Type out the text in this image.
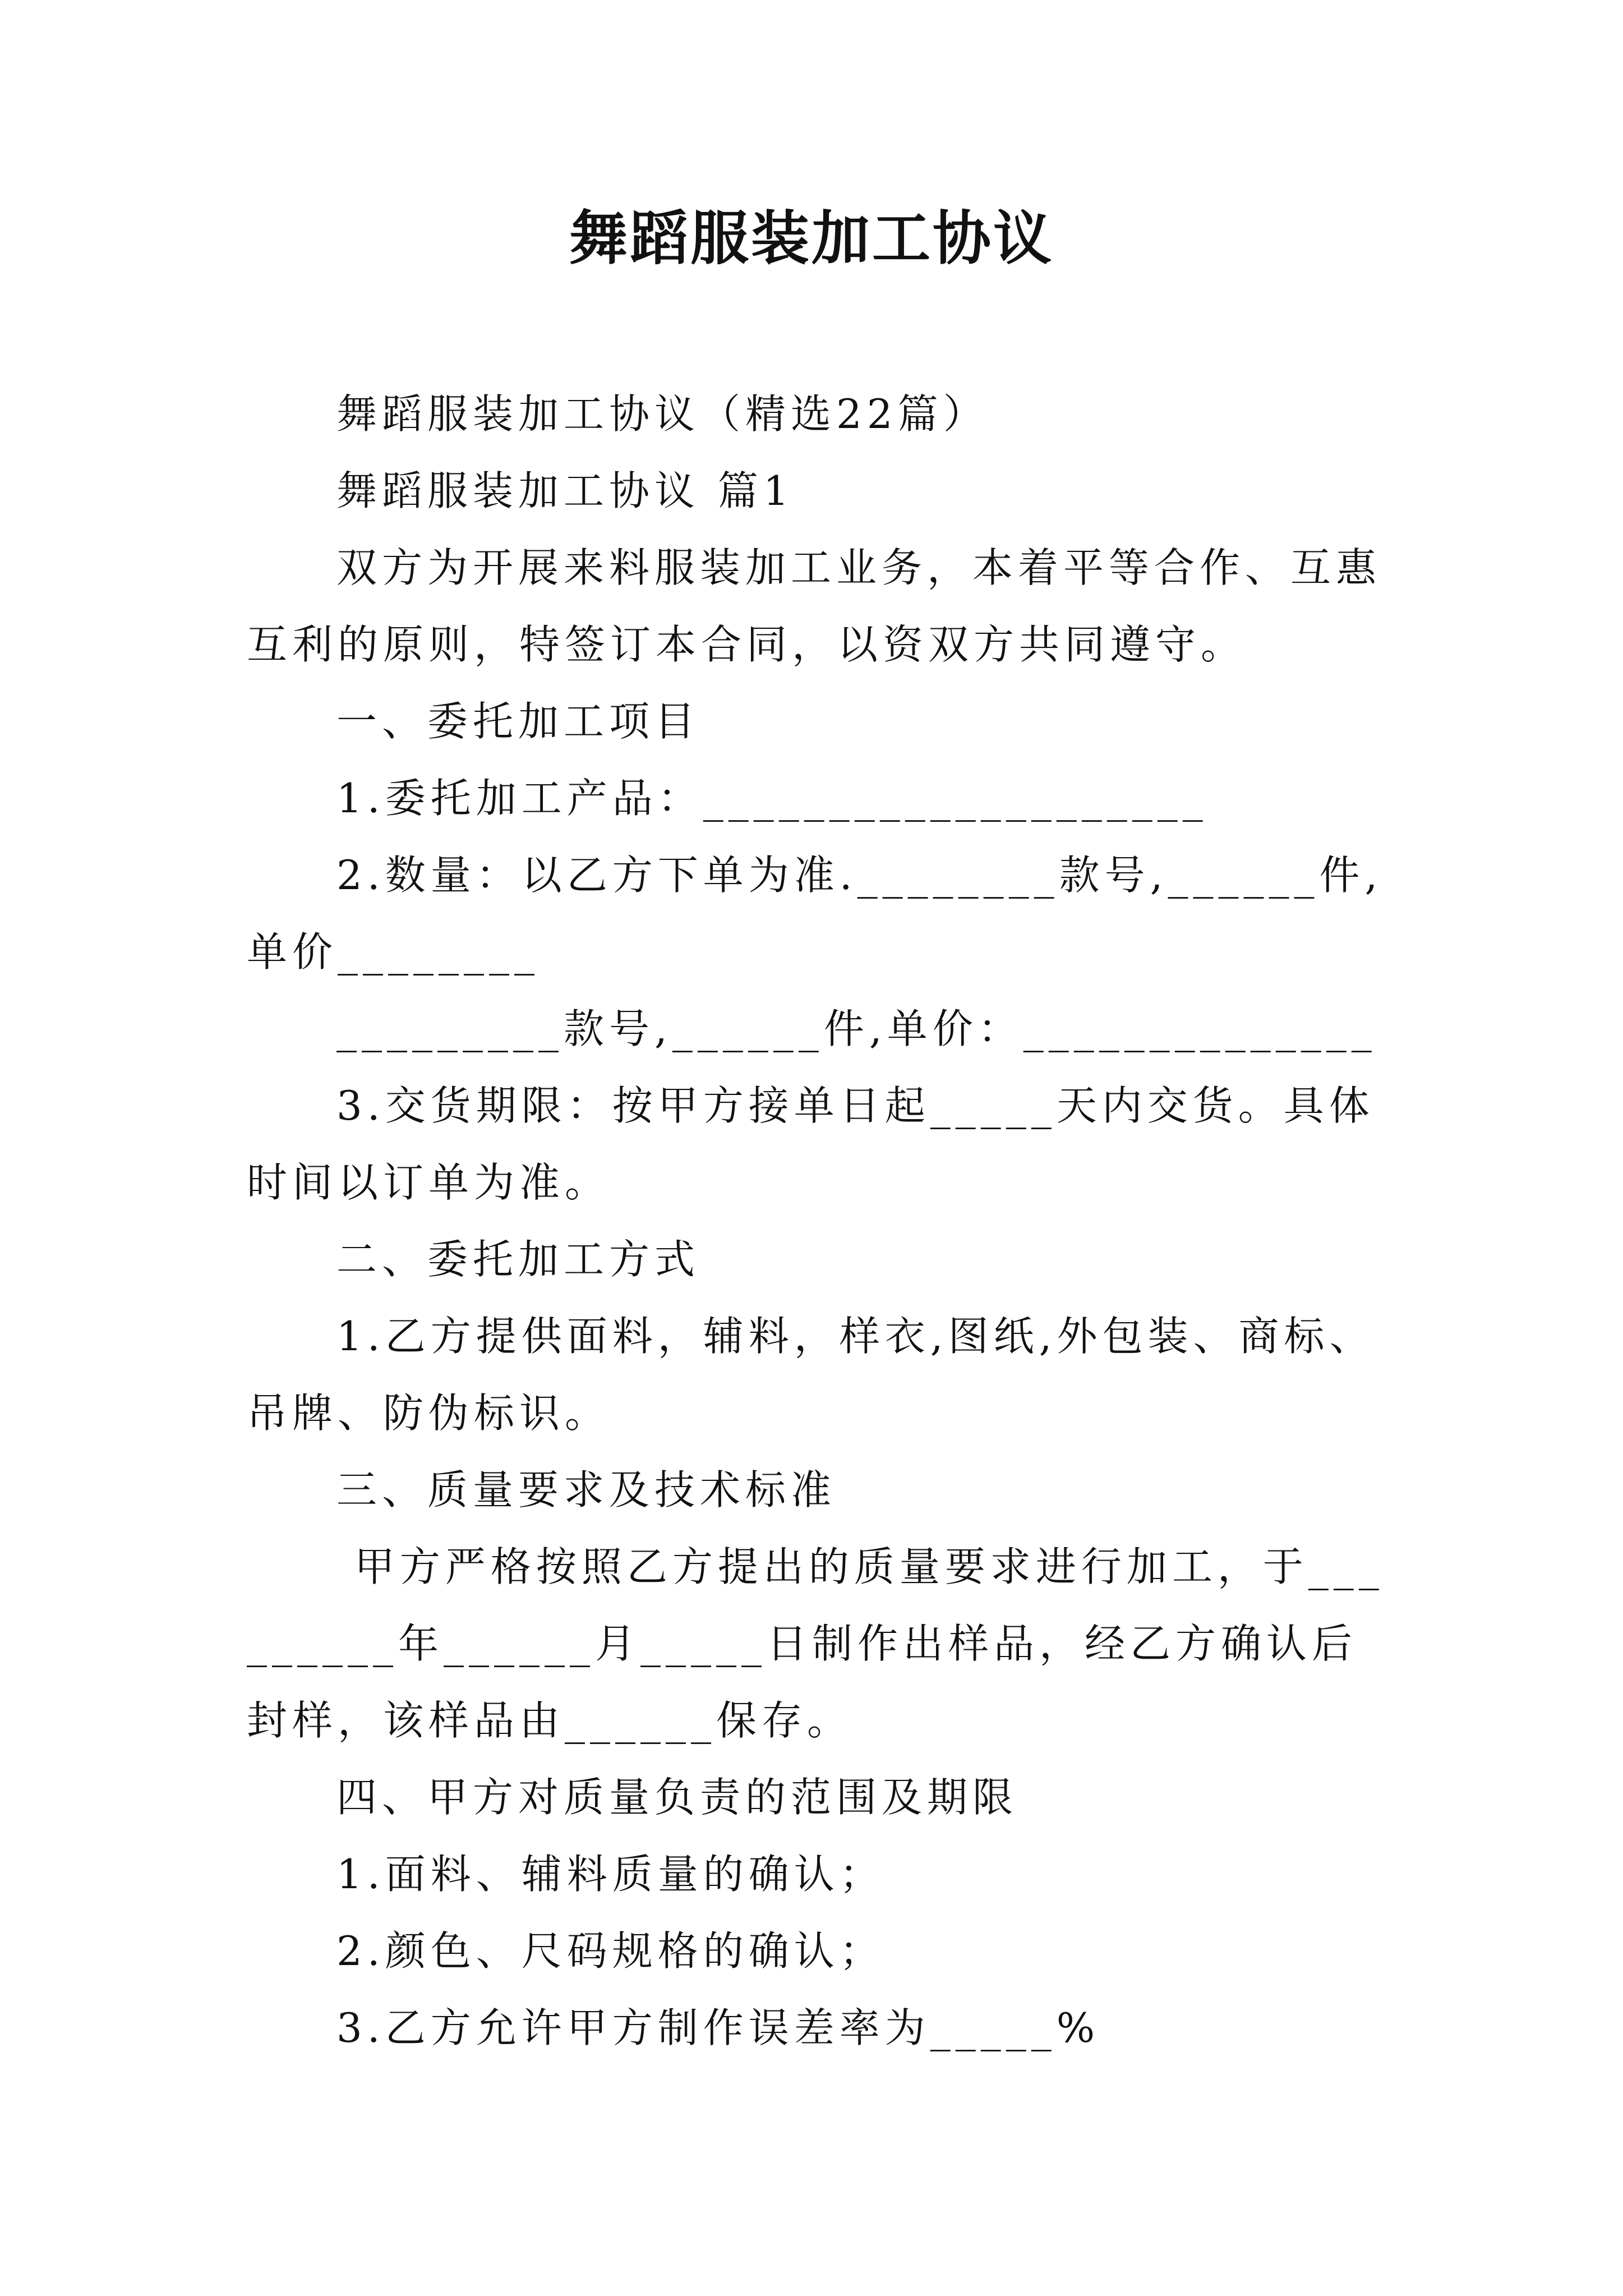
舞蹈服装加工协议

舞蹈服装加工协议（精选22篇）

舞蹈服装加工协议 篇1

双方为开展来料服装加工业务，本着平等合作、互惠互利的原则，特签订本合同，以资双方共同遵守。

一、委托加工项目

1.委托加工产品：____________________

2.数量：以乙方下单为准.________款号,______件,单价________

_________款号,______件,单价：______________

3.交货期限：按甲方接单日起_____天内交货。具体时间以订单为准。

二、委托加工方式

1.乙方提供面料，辅料，样衣,图纸,外包装、商标、吊牌、防伪标识。

三、质量要求及技术标准

甲方严格按照乙方提出的质量要求进行加工，于_________年______月_____日制作出样品，经乙方确认后封样，该样品由______保存。

四、甲方对质量负责的范围及期限

1.面料、辅料质量的确认；

2.颜色、尺码规格的确认；

3.乙方允许甲方制作误差率为_____%
